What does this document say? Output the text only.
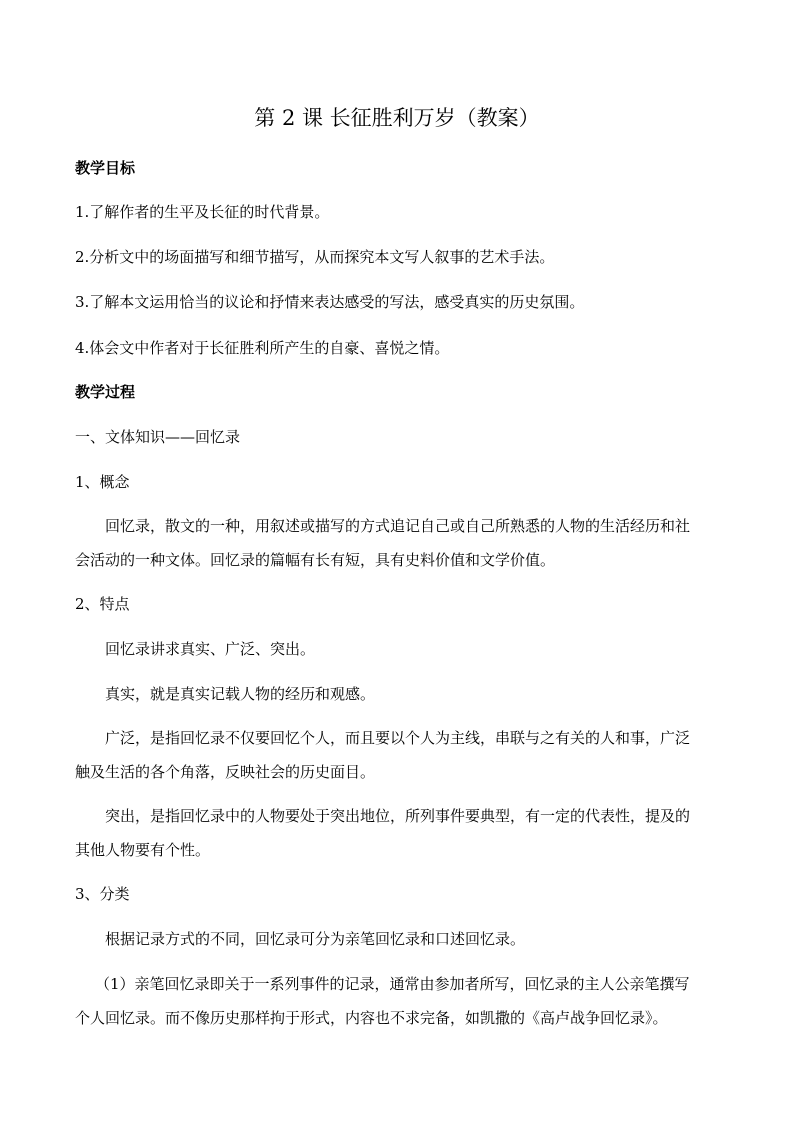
第 2 课 长征胜利万岁（教案）
教学目标
1.了解作者的生平及长征的时代背景。
2.分析文中的场面描写和细节描写，从而探究本文写人叙事的艺术手法。
3.了解本文运用恰当的议论和抒情来表达感受的写法，感受真实的历史氛围。
4.体会文中作者对于长征胜利所产生的自豪、喜悦之情。
教学过程
一、文体知识——回忆录
1、概念
回忆录，散文的一种，用叙述或描写的方式追记自己或自己所熟悉的人物的生活经历和社
会活动的一种文体。回忆录的篇幅有长有短，具有史料价值和文学价值。
2、特点
回忆录讲求真实、广泛、突出。
真实，就是真实记载人物的经历和观感。
广泛，是指回忆录不仅要回忆个人，而且要以个人为主线，串联与之有关的人和事，广泛
触及生活的各个角落，反映社会的历史面目。
突出，是指回忆录中的人物要处于突出地位，所列事件要典型，有一定的代表性，提及的
其他人物要有个性。
3、分类
根据记录方式的不同，回忆录可分为亲笔回忆录和口述回忆录。
（1）亲笔回忆录即关于一系列事件的记录，通常由参加者所写，回忆录的主人公亲笔撰写
个人回忆录。而不像历史那样拘于形式，内容也不求完备，如凯撒的《高卢战争回忆录》。
